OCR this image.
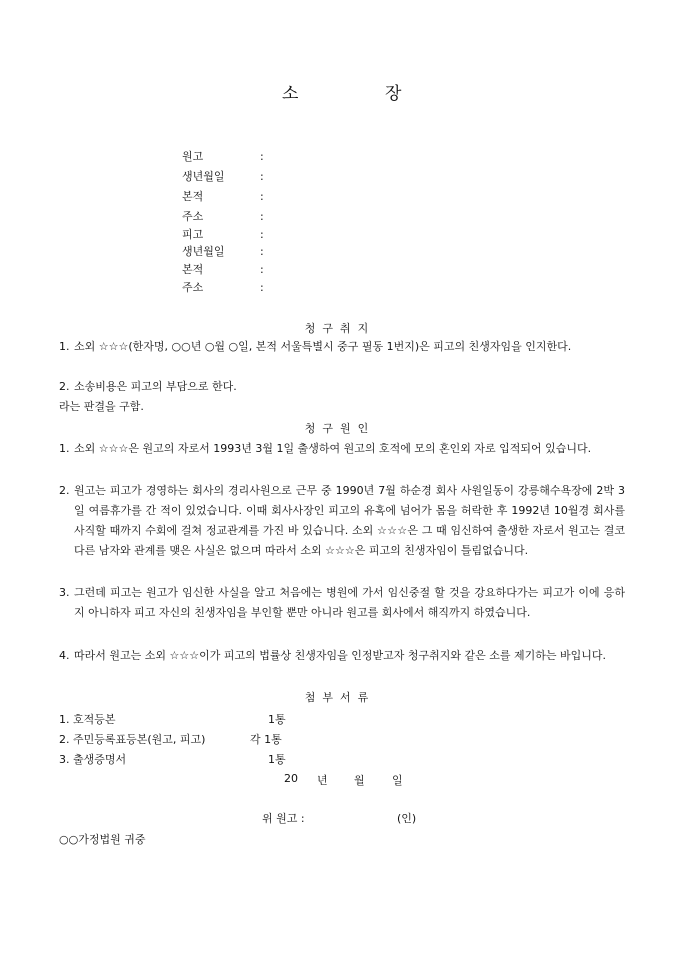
소	장
원고	:
생년월일	:
본적	:
주소	:
피고	:
생년월일	:
본적	:
주소	:
청구취지
1. 소외 ☆☆☆(한자명, ○○년 ○월 ○일, 본적 서울특별시 중구 필동 1번지)은 피고의 친생자임을 인지한다.
2. 소송비용은 피고의 부담으로 한다.
라는 판결을 구함.
청구원인
1. 소외 ☆☆☆은 원고의 자로서 1993년 3월 1일 출생하여 원고의 호적에 모의 혼인외 자로 입적되어 있습니다.
2. 원고는 피고가 경영하는 회사의 경리사원으로 근무 중 1990년 7월 하순경 회사 사원일동이 강릉해수욕장에 2박 3일 여름휴가를 간 적이 있었습니다. 이때 회사사장인 피고의 유혹에 넘어가 몸을 허락한 후 1992년 10월경 회사를 사직할 때까지 수회에 걸쳐 정교관계를 가진 바 있습니다. 소외 ☆☆☆은 그 때 임신하여 출생한 자로서 원고는 결코 다른 남자와 관계를 맺은 사실은 없으며 따라서 소외 ☆☆☆은 피고의 친생자임이 틀림없습니다.
3. 그런데 피고는 원고가 임신한 사실을 알고 처음에는 병원에 가서 임신중절 할 것을 강요하다가는 피고가 이에 응하지 아니하자 피고 자신의 친생자임을 부인할 뿐만 아니라 원고를 회사에서 해직까지 하였습니다.
4. 따라서 원고는 소외 ☆☆☆이가 피고의 법률상 친생자임을 인정받고자 청구취지와 같은 소를 제기하는 바입니다.
첨부서류
1. 호적등본	1통
2. 주민등록표등본(원고, 피고)	각 1통
3. 출생증명서	1통
20 년 월 일
위 원고 :	(인)
○○가정법원 귀중
